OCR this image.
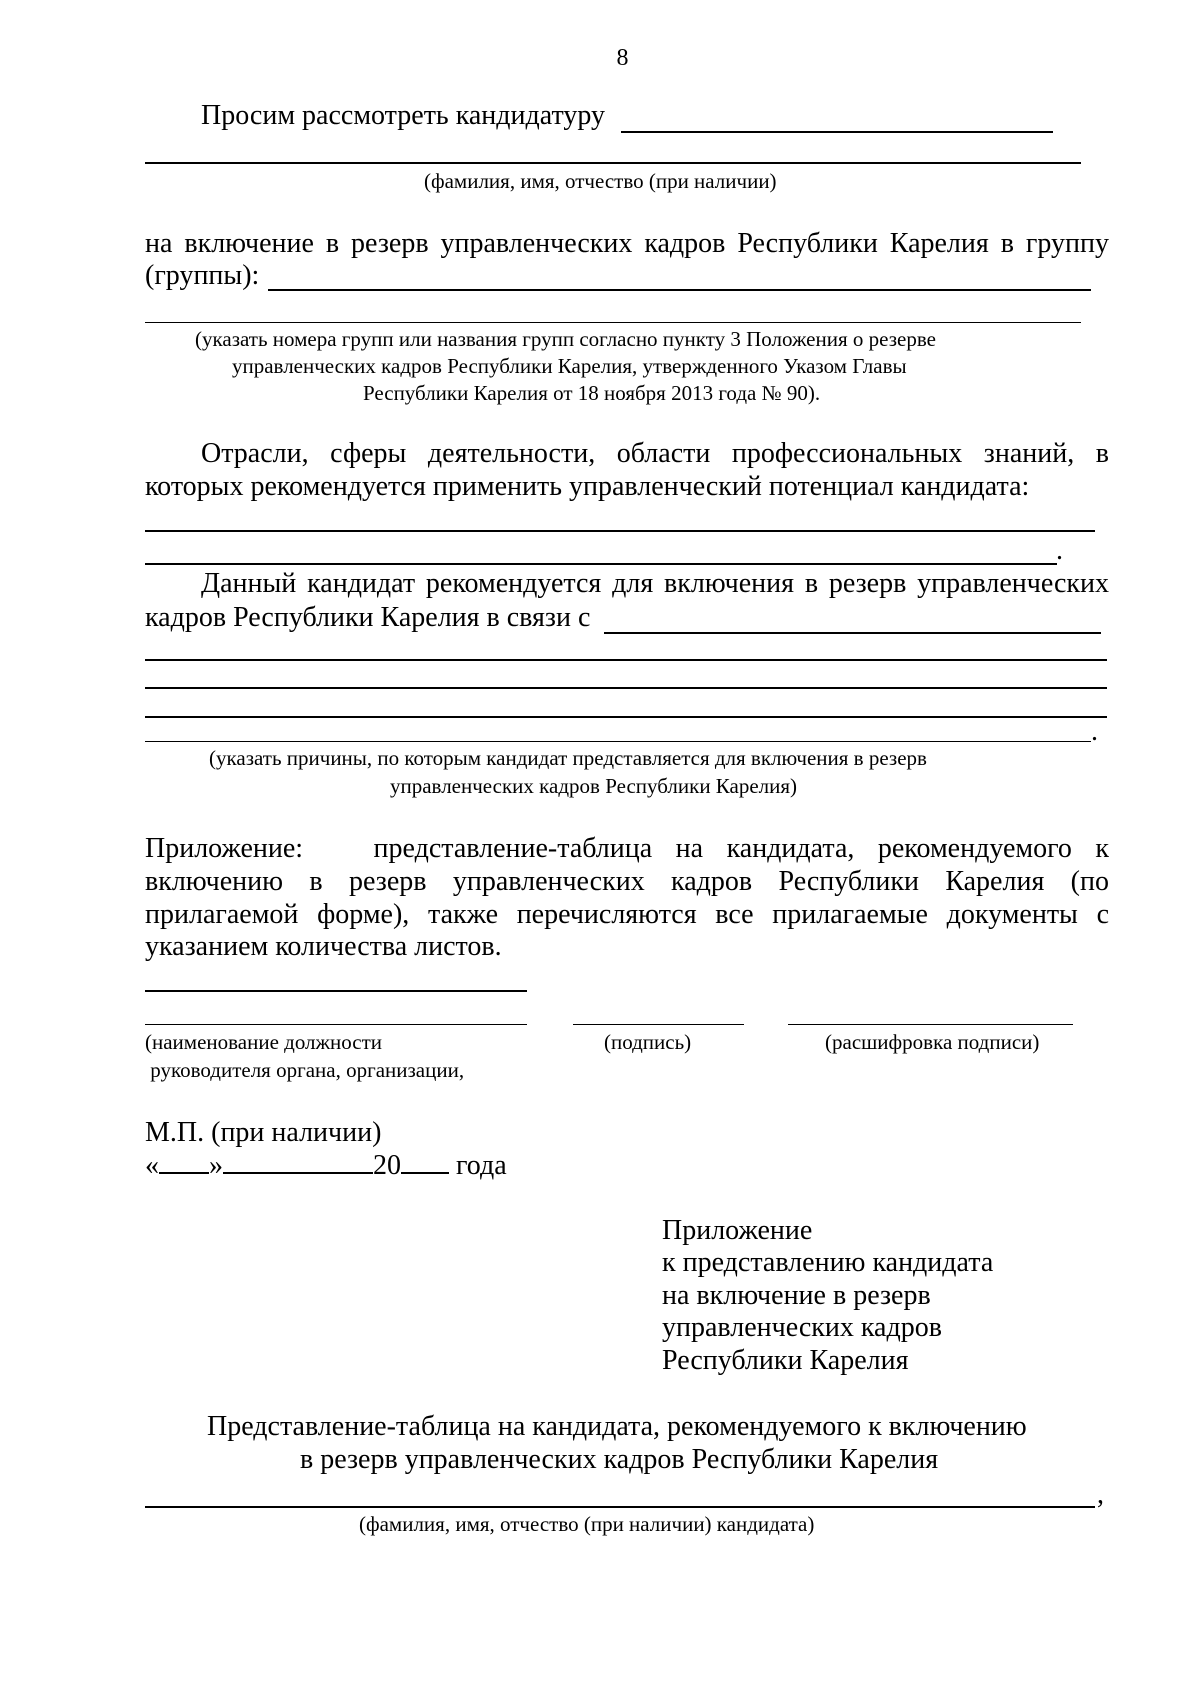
8
Просим рассмотреть кандидатуру
(фамилия, имя, отчество (при наличии)
на включение в резерв управленческих кадров Республики Карелия в группу
(группы):
(указать номера групп или названия групп согласно пункту 3 Положения о резерве
управленческих кадров Республики Карелия, утвержденного Указом Главы
Республики Карелия от 18 ноября 2013 года № 90).
Отрасли, сферы деятельности, области профессиональных знаний, в
которых рекомендуется применить управленческий потенциал кандидата:
.
Данный кандидат рекомендуется для включения в резерв управленческих
кадров Республики Карелия в связи с
.
(указать причины, по которым кандидат представляется для включения в резерв
управленческих кадров Республики Карелия)
Приложение:   представление-таблица на кандидата, рекомендуемого к
включению в резерв управленческих кадров Республики Карелия (по
прилагаемой форме), также перечисляются все прилагаемые документы с
указанием количества листов.
(наименование должности
руководителя органа, организации,
(подпись)	(расшифровка подписи)
М.П. (при наличии)
« »	20 года
Приложение
к представлению кандидата
на включение в резерв
управленческих кадров
Республики Карелия
Представление-таблица на кандидата, рекомендуемого к включению
в резерв управленческих кадров Республики Карелия
,
(фамилия, имя, отчество (при наличии) кандидата)
